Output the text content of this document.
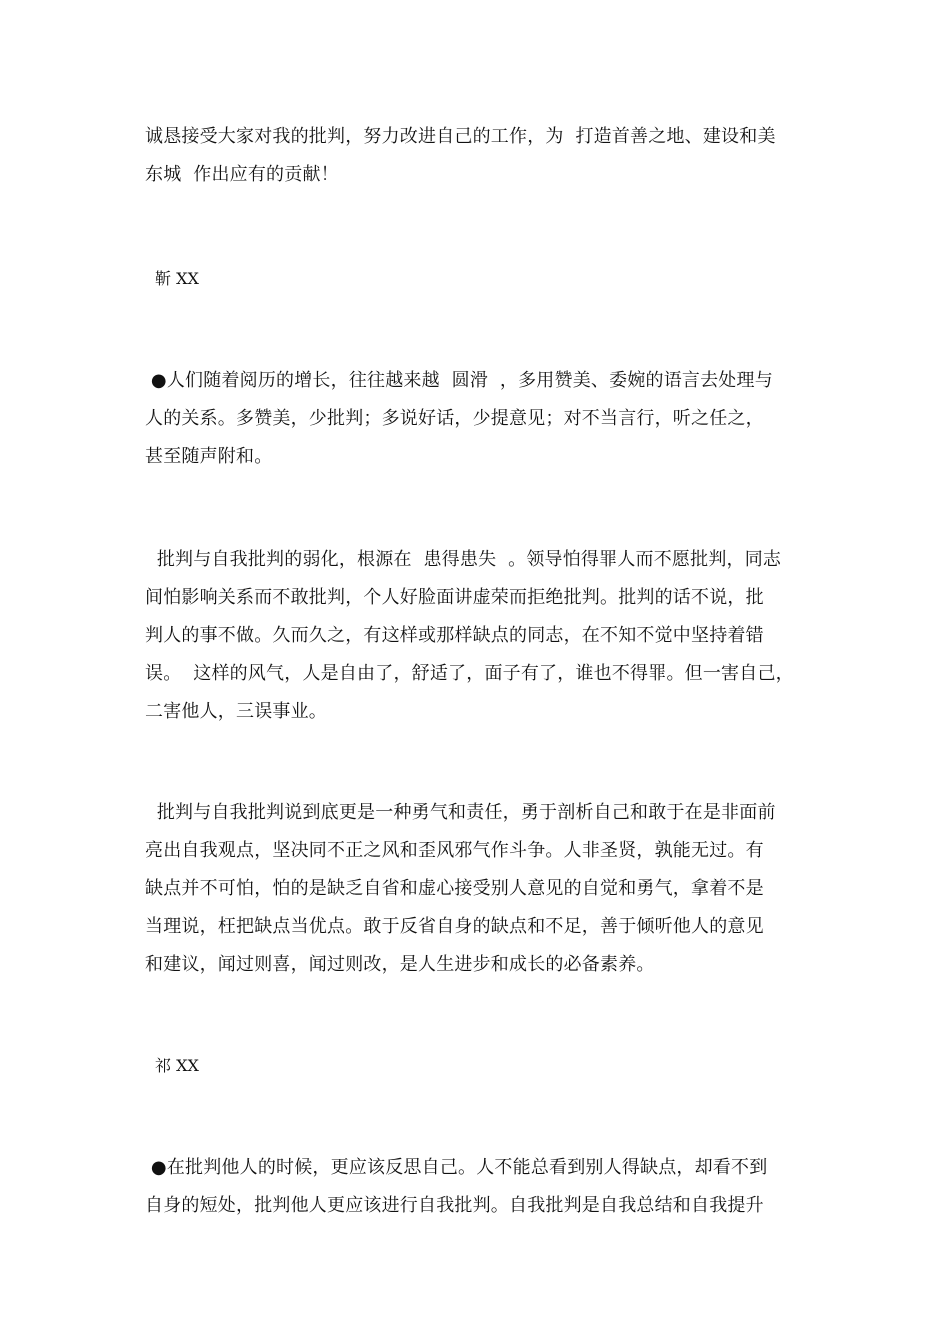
诚恳接受大家对我的批判，努力改进自己的工作，为  打造首善之地、建设和美
东城  作出应有的贡献！
靳 XX
●人们随着阅历的增长，往往越来越  圆滑  ，多用赞美、委婉的语言去处理与
人的关系。多赞美，少批判；多说好话，少提意见；对不当言行，听之任之，
甚至随声附和。
批判与自我批判的弱化，根源在  患得患失  。领导怕得罪人而不愿批判，同志
间怕影响关系而不敢批判，个人好脸面讲虚荣而拒绝批判。批判的话不说，批
判人的事不做。久而久之，有这样或那样缺点的同志，在不知不觉中坚持着错
误。  这样的风气，人是自由了，舒适了，面子有了，谁也不得罪。但一害自己，
二害他人，三误事业。
批判与自我批判说到底更是一种勇气和责任，勇于剖析自己和敢于在是非面前
亮出自我观点，坚决同不正之风和歪风邪气作斗争。人非圣贤，孰能无过。有
缺点并不可怕，怕的是缺乏自省和虚心接受别人意见的自觉和勇气，拿着不是
当理说，枉把缺点当优点。敢于反省自身的缺点和不足，善于倾听他人的意见
和建议，闻过则喜，闻过则改，是人生进步和成长的必备素养。
祁 XX
●在批判他人的时候，更应该反思自己。人不能总看到别人得缺点，却看不到
自身的短处，批判他人更应该进行自我批判。自我批判是自我总结和自我提升
